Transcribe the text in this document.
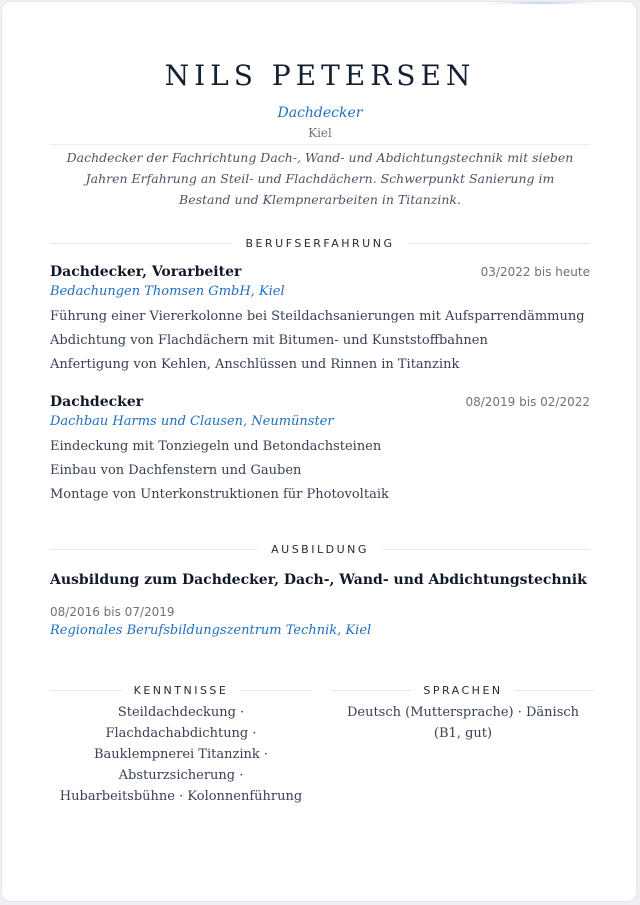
NILS PETERSEN
Dachdecker
Kiel
Dachdecker der Fachrichtung Dach-, Wand- und Abdichtungstechnik mit sieben Jahren Erfahrung an Steil- und Flachdächern. Schwerpunkt Sanierung im Bestand und Klempnerarbeiten in Titanzink.
BERUFSERFAHRUNG
Dachdecker, Vorarbeiter	03/2022 bis heute
Bedachungen Thomsen GmbH, Kiel
Führung einer Viererkolonne bei Steildachsanierungen mit Aufsparrendämmung
Abdichtung von Flachdächern mit Bitumen- und Kunststoffbahnen
Anfertigung von Kehlen, Anschlüssen und Rinnen in Titanzink
Dachdecker	08/2019 bis 02/2022
Dachbau Harms und Clausen, Neumünster
Eindeckung mit Tonziegeln und Betondachsteinen
Einbau von Dachfenstern und Gauben
Montage von Unterkonstruktionen für Photovoltaik
AUSBILDUNG
Ausbildung zum Dachdecker, Dach-, Wand- und Abdichtungstechnik
08/2016 bis 07/2019
Regionales Berufsbildungszentrum Technik, Kiel
KENNTNISSE
Steildachdeckung · Flachdachabdichtung ·
Bauklempnerei Titanzink · Absturzsicherung ·
Hubarbeitsbühne · Kolonnenführung
SPRACHEN
Deutsch (Muttersprache) · Dänisch (B1, gut)
